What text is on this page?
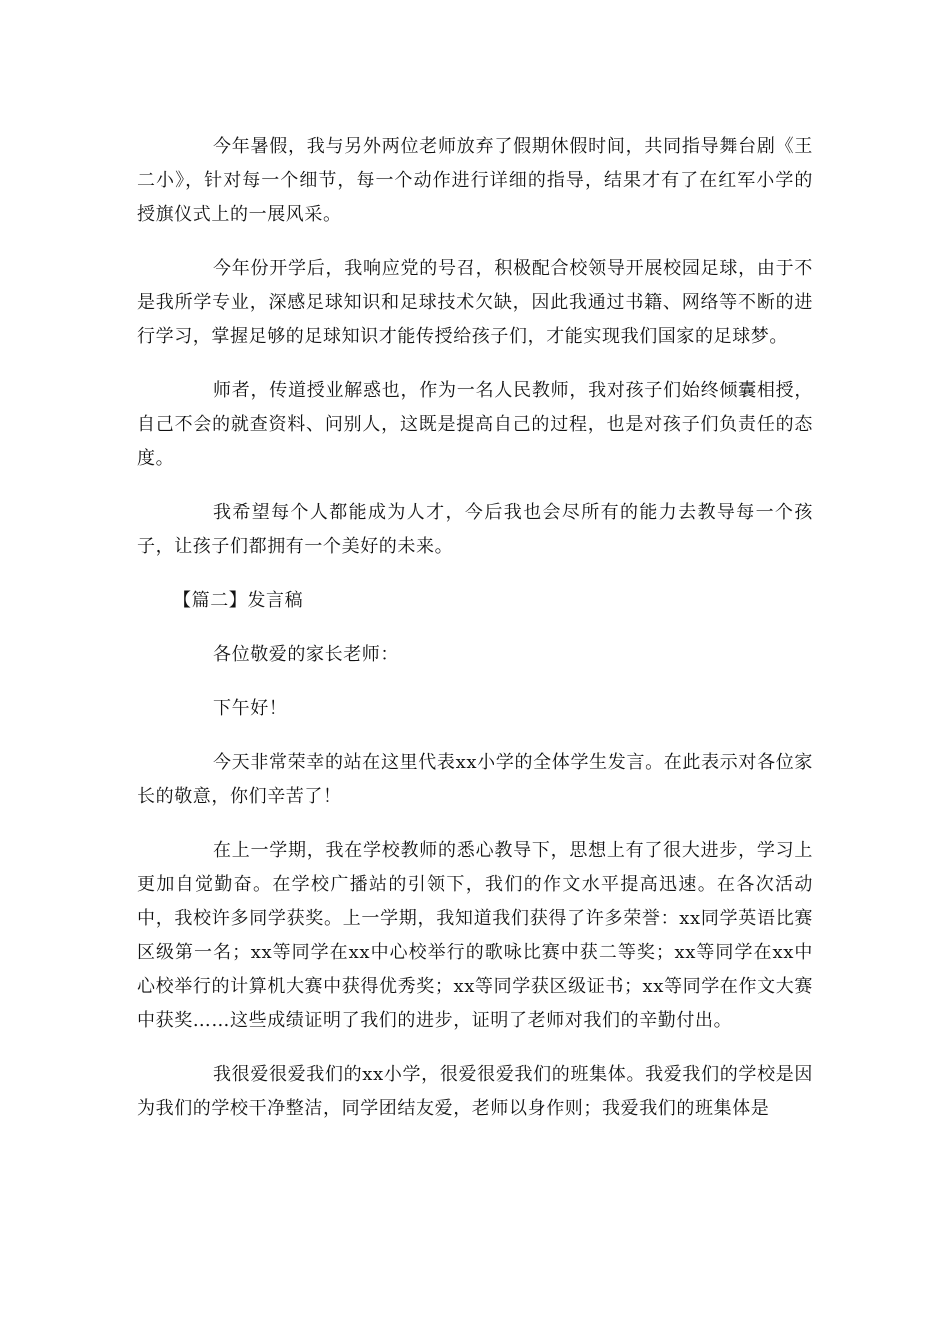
今年暑假，我与另外两位老师放弃了假期休假时间，共同指导舞台剧《王二小》，针对每一个细节，每一个动作进行详细的指导，结果才有了在红军小学的授旗仪式上的一展风采。

今年份开学后，我响应党的号召，积极配合校领导开展校园足球，由于不是我所学专业，深感足球知识和足球技术欠缺，因此我通过书籍、网络等不断的进行学习，掌握足够的足球知识才能传授给孩子们，才能实现我们国家的足球梦。

师者，传道授业解惑也，作为一名人民教师，我对孩子们始终倾囊相授，自己不会的就查资料、问别人，这既是提高自己的过程，也是对孩子们负责任的态度。

我希望每个人都能成为人才，今后我也会尽所有的能力去教导每一个孩子，让孩子们都拥有一个美好的未来。

【篇二】发言稿

各位敬爱的家长老师：

下午好！

今天非常荣幸的站在这里代表xx小学的全体学生发言。在此表示对各位家长的敬意，你们辛苦了！

在上一学期，我在学校教师的悉心教导下，思想上有了很大进步，学习上更加自觉勤奋。在学校广播站的引领下，我们的作文水平提高迅速。在各次活动中，我校许多同学获奖。上一学期，我知道我们获得了许多荣誉：xx同学英语比赛区级第一名；xx等同学在xx中心校举行的歌咏比赛中获二等奖；xx等同学在xx中心校举行的计算机大赛中获得优秀奖；xx等同学获区级证书；xx等同学在作文大赛中获奖……这些成绩证明了我们的进步，证明了老师对我们的辛勤付出。

我很爱很爱我们的xx小学，很爱很爱我们的班集体。我爱我们的学校是因为我们的学校干净整洁，同学团结友爱，老师以身作则；我爱我们的班集体是
